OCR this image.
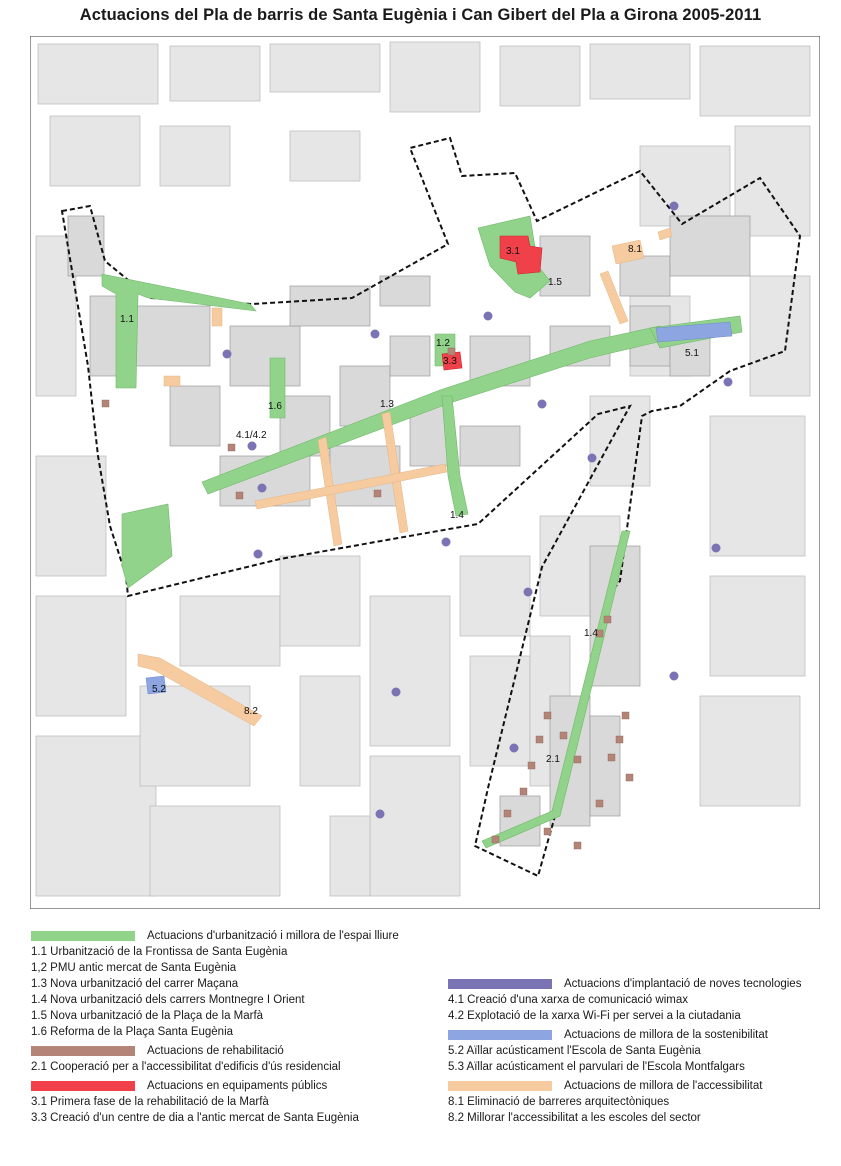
Actuacions del Pla de barris de Santa Eugènia i Can Gibert del Pla a Girona 2005-2011
1.1
1.2
1.3
1.4
1.4
1.5
1.6
2.1
3.1
3.3
4.1/4.2
5.1
5.2
8.1
8.2
Actuacions d'urbanització i millora de l'espai lliure
1.1 Urbanització de la Frontissa de Santa Eugènia
1,2 PMU antic mercat de Santa Eugènia
1.3 Nova urbanització del carrer Maçana
1.4 Nova urbanització dels carrers Montnegre I Orient
1.5 Nova urbanització de la Plaça de la Marfà
1.6 Reforma de la Plaça Santa Eugènia
Actuacions de rehabilitació
2.1 Cooperació per a l'accessibilitat d'edificis d'ús residencial
Actuacions en equipaments públics
3.1 Primera fase de la rehabilitació de la Marfà
3.3 Creació d'un centre de dia a l'antic mercat de Santa Eugènia
Actuacions d'implantació de noves tecnologies
4.1 Creació d'una xarxa de comunicació wimax
4.2 Explotació de la xarxa Wi-Fi per servei a la ciutadania
Actuacions de millora de la sostenibilitat
5.2 Aïllar acústicament l'Escola de Santa Eugènia
5.3 Aïllar acústicament el parvulari de l'Escola Montfalgars
Actuacions de millora de l'accessibilitat
8.1 Eliminació de barreres arquitectòniques
8.2 Millorar l'accessibilitat a les escoles del sector
